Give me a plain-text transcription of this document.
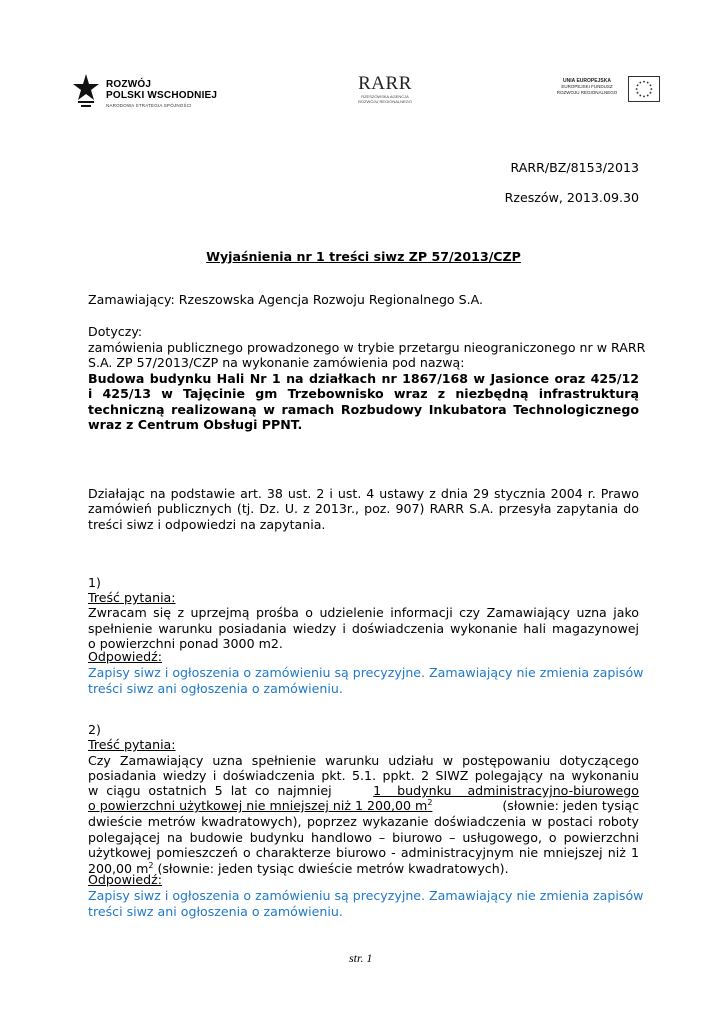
ROZWÓJ
POLSKI WSCHODNIEJ
NARODOWA STRATEGIA SPÓJNOŚCI
RARR
RZESZOWSKA AGENCJA
ROZWOJU REGIONALNEGO
UNIA EUROPEJSKA
EUROPEJSKI FUNDUSZ
ROZWOJU REGIONALNEGO
RARR/BZ/8153/2013
Rzeszów, 2013.09.30
Wyjaśnienia nr 1 treści siwz ZP 57/2013/CZP
Zamawiający: Rzeszowska Agencja Rozwoju Regionalnego S.A.
Dotyczy:
zamówienia publicznego prowadzonego w trybie przetargu nieograniczonego nr w RARR
S.A. ZP 57/2013/CZP na wykonanie zamówienia pod nazwą:
Budowa budynku Hali Nr 1 na działkach nr 1867/168 w Jasionce oraz 425/12
i 425/13 w Tajęcinie gm Trzebownisko wraz z niezbędną infrastrukturą
techniczną realizowaną w ramach Rozbudowy Inkubatora Technologicznego
wraz z Centrum Obsługi PPNT.
Działając na podstawie art. 38 ust. 2 i ust. 4 ustawy z dnia 29 stycznia 2004 r. Prawo
zamówień publicznych (tj. Dz. U. z 2013r., poz. 907) RARR S.A. przesyła zapytania do
treści siwz i odpowiedzi na zapytania.
1)
Treść pytania:
Zwracam się z uprzejmą prośba o udzielenie informacji czy Zamawiający uzna jako
spełnienie warunku posiadania wiedzy i doświadczenia wykonanie hali magazynowej
o powierzchni ponad 3000 m2.
Odpowiedź:
Zapisy siwz i ogłoszenia o zamówieniu są precyzyjne. Zamawiający nie zmienia zapisów
treści siwz ani ogłoszenia o zamówieniu.
2)
Treść pytania:
Czy Zamawiający uzna spełnienie warunku udziału w postępowaniu dotyczącego
posiadania wiedzy i doświadczenia pkt. 5.1. ppkt. 2 SIWZ polegający na wykonaniu
w ciągu ostatnich 5 lat co najmniej	1 budynku administracyjno-biurowego
o powierzchni użytkowej nie mniejszej niż 1 200,00 $m^2$	(słownie: jeden tysiąc
dwieście metrów kwadratowych), poprzez wykazanie doświadczenia w postaci roboty
polegającej na budowie budynku handlowo – biurowo – usługowego, o powierzchni
użytkowej pomieszczeń o charakterze biurowo - administracyjnym nie mniejszej niż 1
200,00 $m^2$ (słownie: jeden tysiąc dwieście metrów kwadratowych).
Odpowiedź:
Zapisy siwz i ogłoszenia o zamówieniu są precyzyjne. Zamawiający nie zmienia zapisów
treści siwz ani ogłoszenia o zamówieniu.
str. 1
